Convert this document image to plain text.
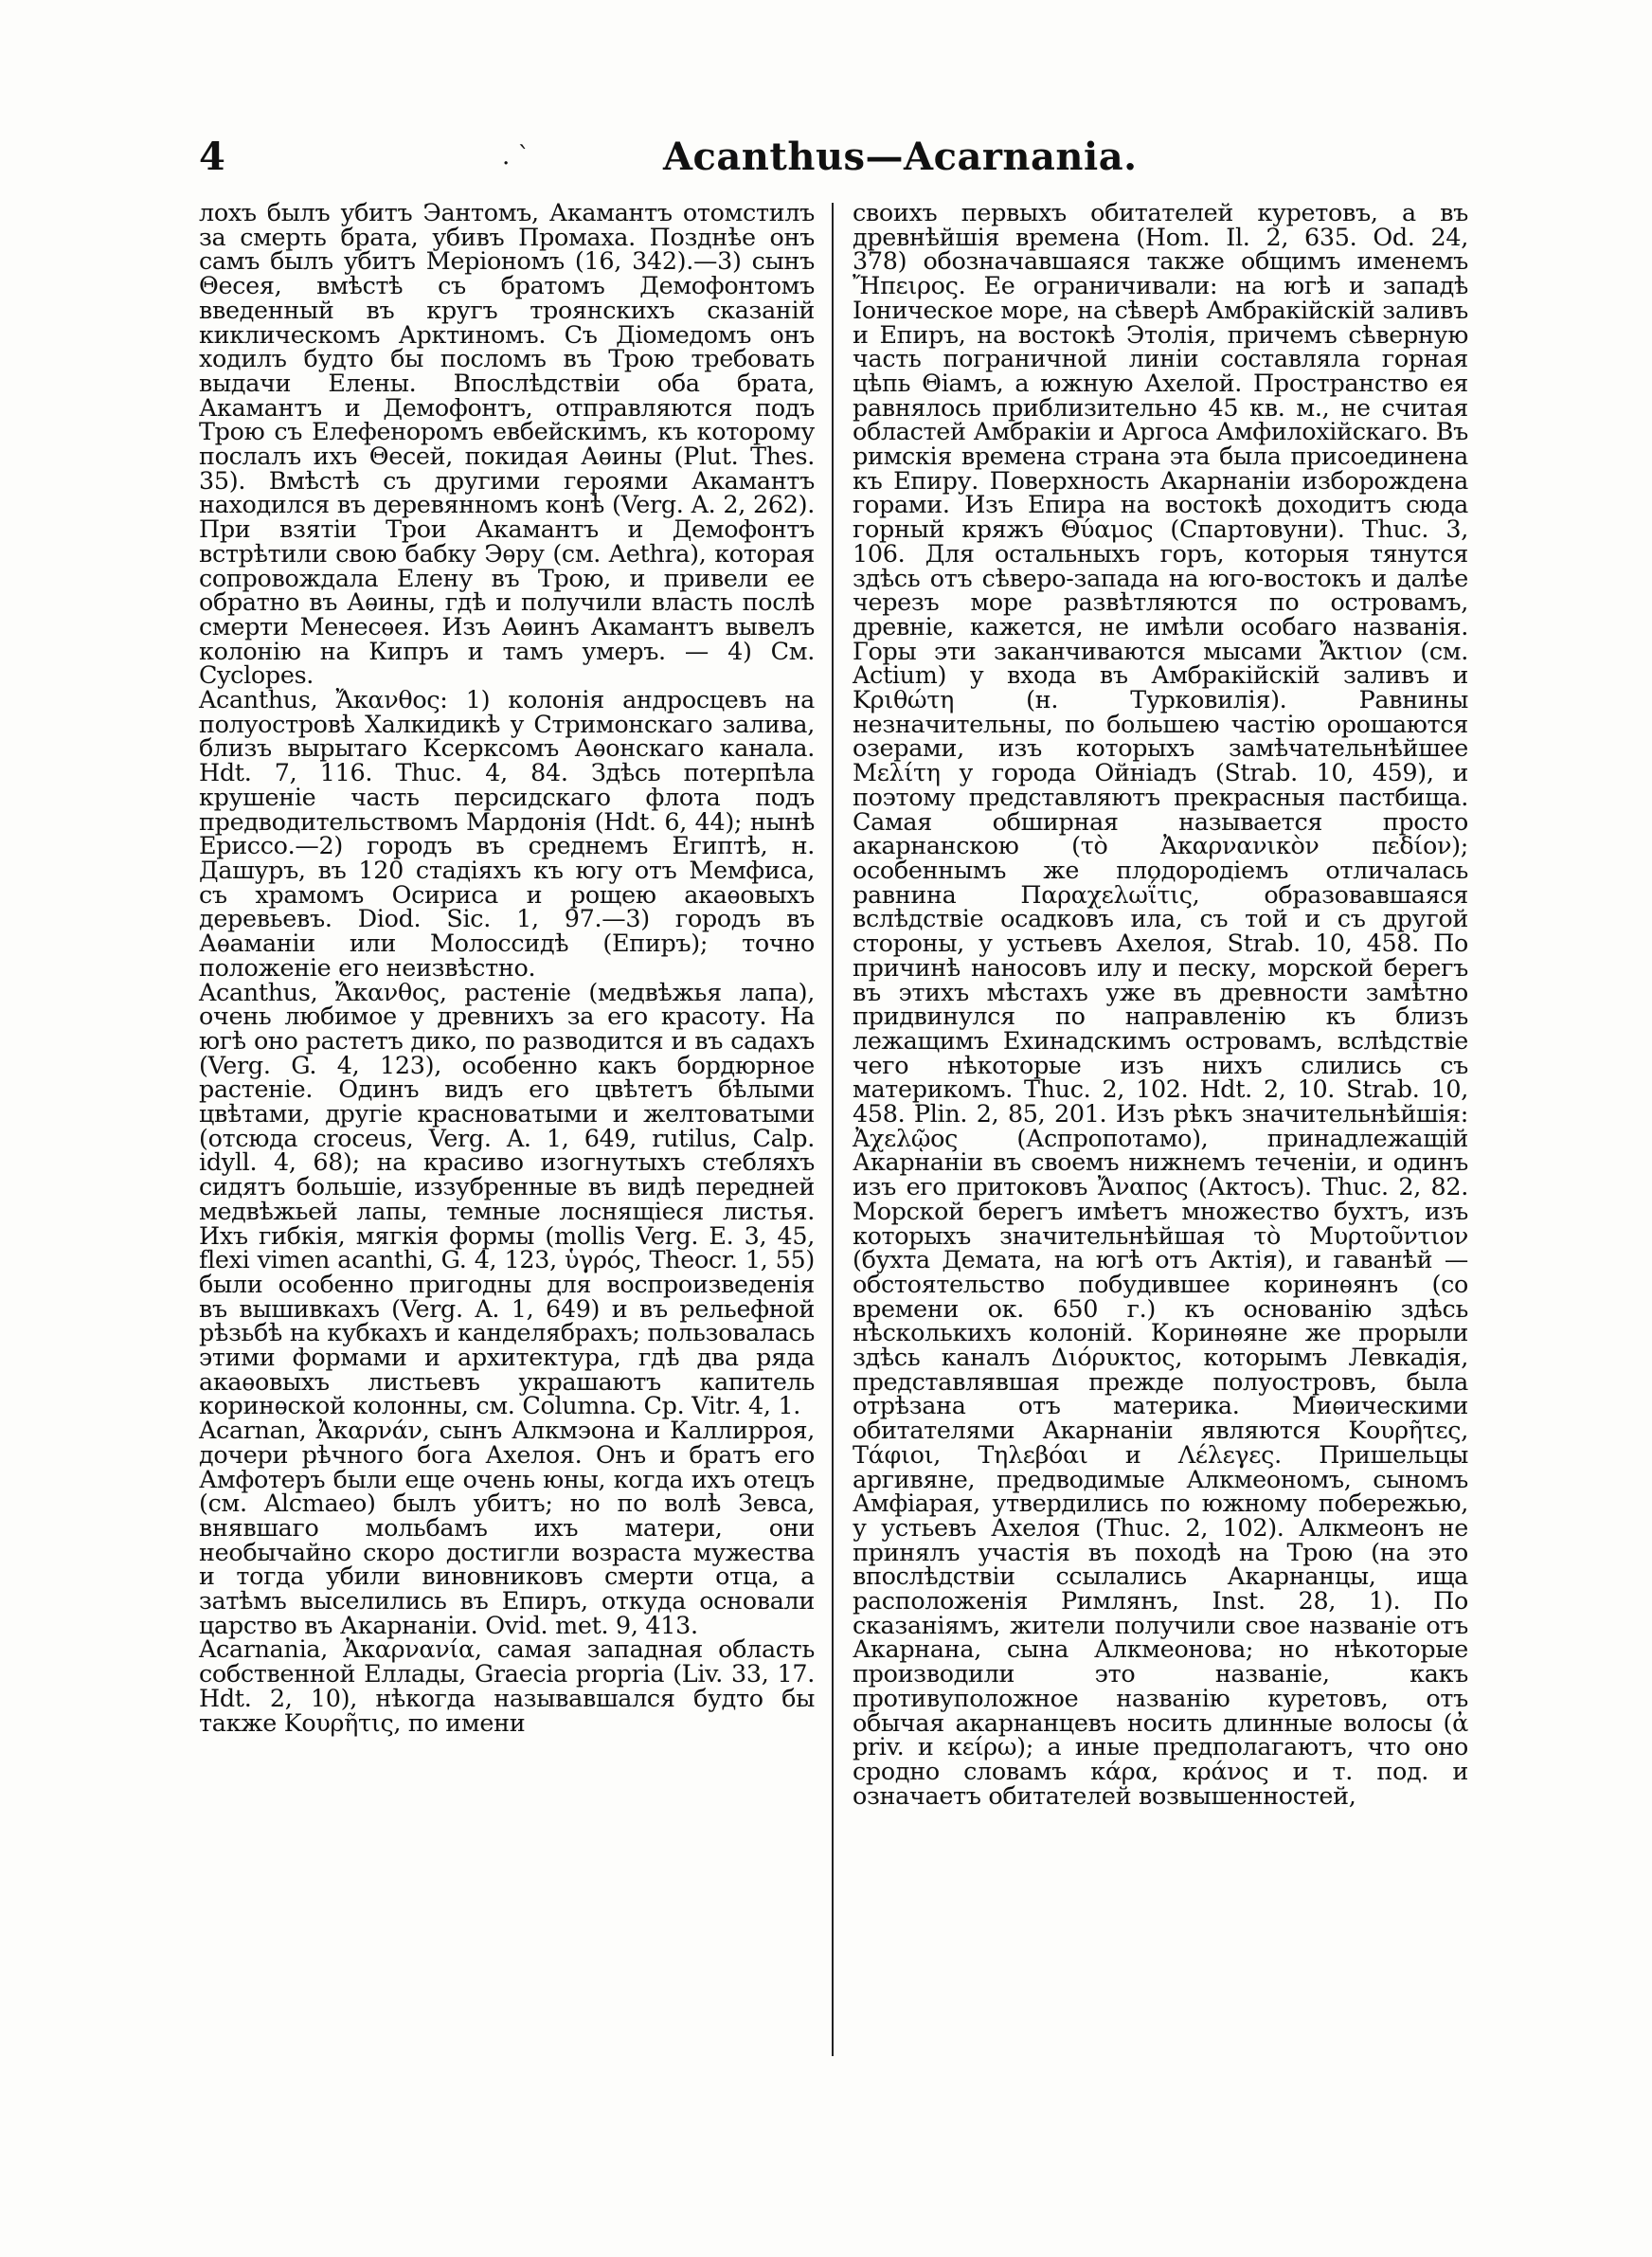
4	. `	Acanthus—Acarnania.

лохъ былъ убитъ Эантомъ, Акамантъ отомстилъ за смерть брата, убивъ Промаха. Позднѣе онъ самъ былъ убитъ Меріономъ (16, 342).—3) сынъ Θесея, вмѣстѣ съ братомъ Демофонтомъ введенный въ кругъ троянскихъ сказаній киклическомъ Арктиномъ. Съ Діомедомъ онъ ходилъ будто бы посломъ въ Трою требовать выдачи Елены. Впослѣдствіи оба брата, Акамантъ и Демофонтъ, отправляются подъ Трою съ Елефеноромъ евбейскимъ, къ которому послалъ ихъ Θесей, покидая Аѳины (Plut. Thes. 35). Вмѣстѣ съ другими героями Акамантъ находился въ деревянномъ конѣ (Verg. A. 2, 262). При взятіи Трои Акамантъ и Демофонтъ встрѣтили свою бабку Эѳру (см. Aethra), которая сопровождала Елену въ Трою, и привели ее обратно въ Аѳины, гдѣ и получили власть послѣ смерти Менесѳея. Изъ Аѳинъ Акамантъ вывелъ колонію на Кипръ и тамъ умеръ. — 4) См. Cyclopes.

Acanthus, Ἄκανθος: 1) колонія андросцевъ на полуостровѣ Халкидикѣ у Стримонскаго залива, близъ вырытаго Ксерксомъ Аѳонскаго канала. Hdt. 7, 116. Thuc. 4, 84. Здѣсь потерпѣла крушеніе часть персидскаго флота подъ предводительствомъ Мардонія (Hdt. 6, 44); нынѣ Ериссо.—2) городъ въ среднемъ Египтѣ, н. Дашуръ, въ 120 стадіяхъ къ югу отъ Мемфиса, съ храмомъ Осириса и рощею акаѳовыхъ деревьевъ. Diod. Sic. 1, 97.—3) городъ въ Аѳаманіи или Молоссидѣ (Епиръ); точно положеніе его неизвѣстно.

Acanthus, Ἄκανθος, растеніе (медвѣжья лапа), очень любимое у древнихъ за его красоту. На югѣ оно растетъ дико, по разводится и въ садахъ (Verg. G. 4, 123), особенно какъ бордюрное растеніе. Одинъ видъ его цвѣтетъ бѣлыми цвѣтами, другіе красноватыми и желтоватыми (отсюда croceus, Verg. A. 1, 649, rutilus, Calp. idyll. 4, 68); на красиво изогнутыхъ стебляхъ сидятъ большіе, иззубренные въ видѣ передней медвѣжьей лапы, темные лоснящіеся листья. Ихъ гибкія, мягкія формы (mollis Verg. E. 3, 45, flexi vimen acanthi, G. 4, 123, ὑγρός, Theocr. 1, 55) были особенно пригодны для воспроизведенія въ вышивкахъ (Verg. A. 1, 649) и въ рельефной рѣзьбѣ на кубкахъ и канделябрахъ; пользовалась этими формами и архитектура, гдѣ два ряда акаѳовыхъ листьевъ украшаютъ капитель коринѳской колонны, см. Columna. Ср. Vitr. 4, 1.

Acarnan, Ἀκαρνάν, сынъ Алкмэона и Каллирроя, дочери рѣчного бога Ахелоя. Онъ и братъ его Амфотеръ были еще очень юны, когда ихъ отецъ (см. Alcmaeo) былъ убитъ; но по волѣ Зевса, внявшаго мольбамъ ихъ матери, они необычайно скоро достигли возраста мужества и тогда убили виновниковъ смерти отца, а затѣмъ выселились въ Епиръ, откуда основали царство въ Акарнаніи. Ovid. met. 9, 413.

Acarnania, Ἀκαρνανία, самая западная область собственной Еллады, Graecia propria (Liv. 33, 17. Hdt. 2, 10), нѣкогда называвшался будто бы также Κουρῆτις, по имени

своихъ первыхъ обитателей куретовъ, а въ древнѣйшія времена (Hom. Il. 2, 635. Od. 24, 378) обозначавшаяся также общимъ именемъ Ἤπειρος. Ее ограничивали: на югѣ и западѣ Іоническое море, на сѣверѣ Амбракійскій заливъ и Епиръ, на востокѣ Этолія, причемъ сѣверную часть пограничной линіи составляла горная цѣпь Θіамъ, а южную Ахелой. Пространство ея равнялось приблизительно 45 кв. м., не считая областей Амбракіи и Аргоса Амфилохійскаго. Въ римскія времена страна эта была присоединена къ Епиру. Поверхность Акарнаніи изборождена горами. Изъ Епира на востокѣ доходитъ сюда горный кряжъ Θύαμος (Спартовуни). Thuc. 3, 106. Для остальныхъ горъ, которыя тянутся здѣсь отъ сѣверо-запада на юго-востокъ и далѣе черезъ море развѣтляются по островамъ, древніе, кажется, не имѣли особаго названія. Горы эти заканчиваются мысами Ἄκτιον (см. Actium) у входа въ Амбракійскій заливъ и Κριθώτη (н. Турковилія). Равнины незначительны, по большею частію орошаются озерами, изъ которыхъ замѣчательнѣйшее Μελίτη у города Ойніадъ (Strab. 10, 459), и поэтому представляютъ прекрасныя пастбища. Самая обширная называется просто акарнанскою (τὸ Ἀκαρνανικὸν πεδίον); особеннымъ же плодородіемъ отличалась равнина Παραχελωΐτις, образовавшаяся вслѣдствіе осадковъ ила, съ той и съ другой стороны, у устьевъ Ахелоя, Strab. 10, 458. По причинѣ наносовъ илу и песку, морской берегъ въ этихъ мѣстахъ уже въ древности замѣтно придвинулся по направленію къ близъ лежащимъ Ехинадскимъ островамъ, вслѣдствіе чего нѣкоторые изъ нихъ слились съ материкомъ. Thuc. 2, 102. Hdt. 2, 10. Strab. 10, 458. Plin. 2, 85, 201. Изъ рѣкъ значительнѣйшія: Ἀχελῷος (Аспропотамо), принадлежащій Акарнаніи въ своемъ нижнемъ теченіи, и одинъ изъ его притоковъ Ἄναπος (Актосъ). Thuc. 2, 82. Морской берегъ имѣетъ множество бухтъ, изъ которыхъ значительнѣйшая τὸ Μυρτοῦντιον (бухта Демата, на югѣ отъ Актія), и гаванѣй — обстоятельство побудившее коринѳянъ (со времени ок. 650 г.) къ основанію здѣсь нѣсколькихъ колоній. Коринѳяне же прорыли здѣсь каналъ Διόρυκτος, которымъ Левкадія, представлявшая прежде полуостровъ, была отрѣзана отъ материка. Миѳическими обитателями Акарнаніи являются Κουρῆτες, Τάφιοι, Τηλεβόαι и Λέλεγες. Пришельцы аргивяне, предводимые Алкмеономъ, сыномъ Амфіарая, утвердились по южному побережью, у устьевъ Ахелоя (Thuc. 2, 102). Алкмеонъ не принялъ участія въ походѣ на Трою (на это впослѣдствіи ссылались Акарнанцы, ища расположенія Римлянъ, Inst. 28, 1). По сказаніямъ, жители получили свое названіе отъ Акарнана, сына Алкмеонова; но нѣкоторые производили это названіе, какъ противуположное названію куретовъ, отъ обычая акарнанцевъ носить длинные волосы (ἀ priv. и κείρω); а иные предполагаютъ, что оно сродно словамъ κάρα, κράνος и т. под. и означаетъ обитателей возвышенностей,
